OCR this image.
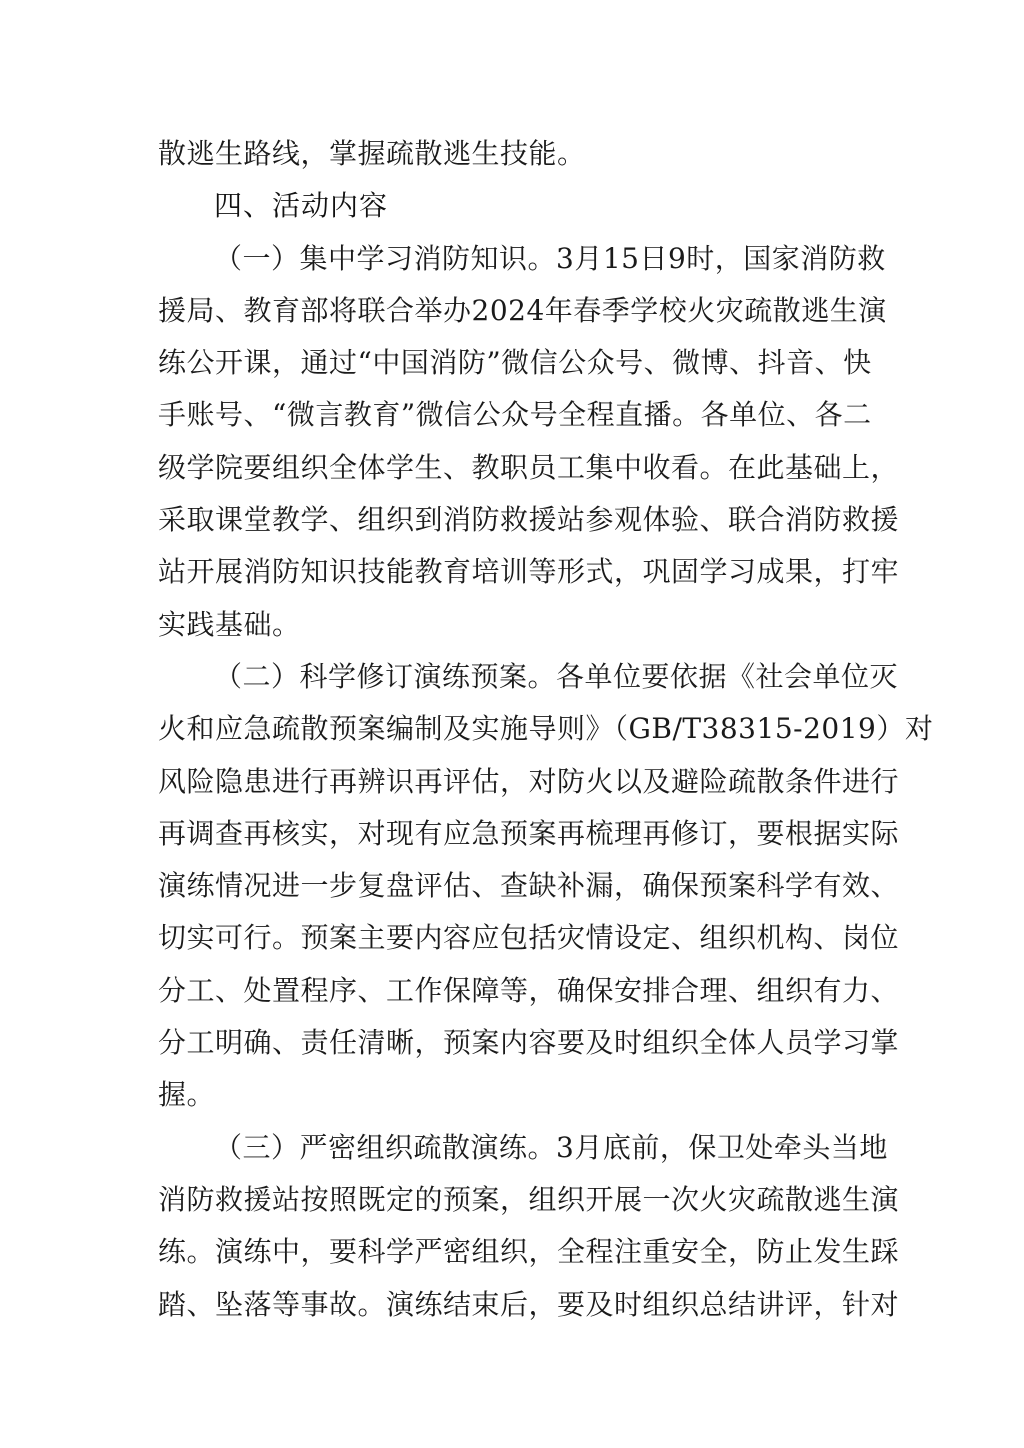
散逃生路线，掌握疏散逃生技能。
四、活动内容
（一）集中学习消防知识。3月15日9时，国家消防救
援局、教育部将联合举办2024年春季学校火灾疏散逃生演
练公开课，通过“中国消防”微信公众号、微博、抖音、快
手账号、“微言教育”微信公众号全程直播。各单位、各二
级学院要组织全体学生、教职员工集中收看。在此基础上，
采取课堂教学、组织到消防救援站参观体验、联合消防救援
站开展消防知识技能教育培训等形式，巩固学习成果，打牢
实践基础。
（二）科学修订演练预案。各单位要依据《社会单位灭
火和应急疏散预案编制及实施导则》（GB/T38315-2019）对
风险隐患进行再辨识再评估，对防火以及避险疏散条件进行
再调查再核实，对现有应急预案再梳理再修订，要根据实际
演练情况进一步复盘评估、查缺补漏，确保预案科学有效、
切实可行。预案主要内容应包括灾情设定、组织机构、岗位
分工、处置程序、工作保障等，确保安排合理、组织有力、
分工明确、责任清晰，预案内容要及时组织全体人员学习掌
握。
（三）严密组织疏散演练。3月底前，保卫处牵头当地
消防救援站按照既定的预案，组织开展一次火灾疏散逃生演
练。演练中，要科学严密组织，全程注重安全，防止发生踩
踏、坠落等事故。演练结束后，要及时组织总结讲评，针对
